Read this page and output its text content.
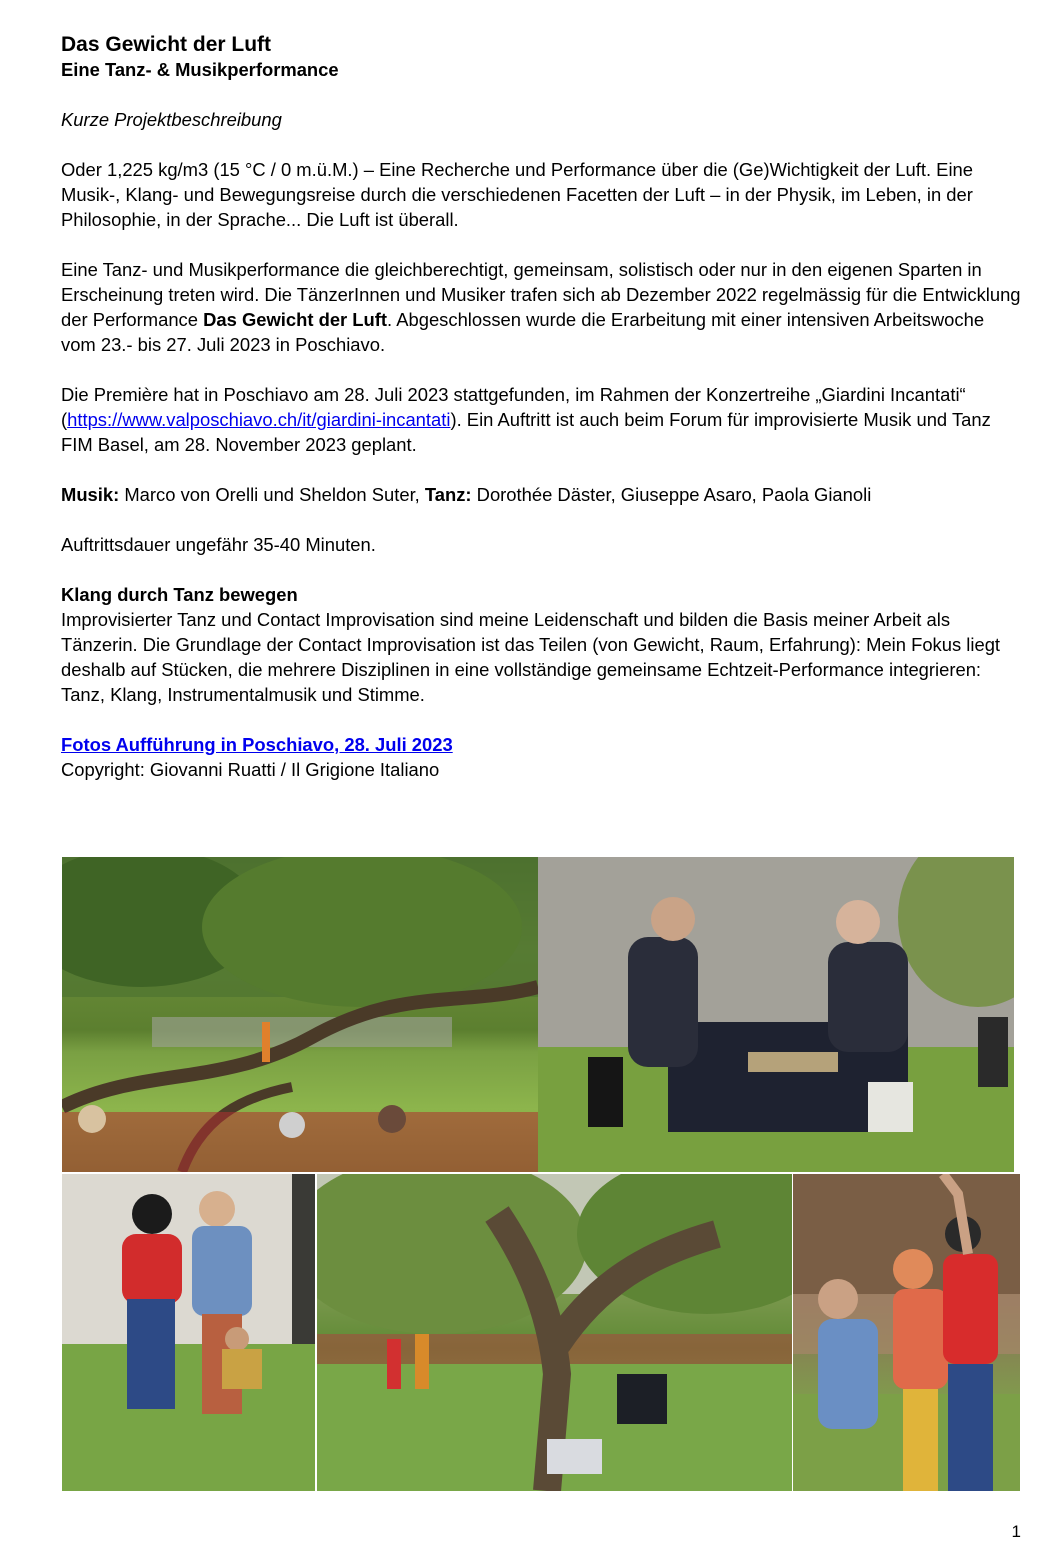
Das Gewicht der Luft
Eine Tanz- & Musikperformance

Kurze Projektbeschreibung

Oder 1,225 kg/m3 (15 °C / 0 m.ü.M.) – Eine Recherche und Performance über die (Ge)Wichtigkeit der Luft. Eine Musik-, Klang- und Bewegungsreise durch die verschiedenen Facetten der Luft – in der Physik, im Leben, in der Philosophie, in der Sprache... Die Luft ist überall.

Eine Tanz- und Musikperformance die gleichberechtigt, gemeinsam, solistisch oder nur in den eigenen Sparten in Erscheinung treten wird. Die TänzerInnen und Musiker trafen sich ab Dezember 2022 regelmässig für die Entwicklung der Performance Das Gewicht der Luft. Abgeschlossen wurde die Erarbeitung mit einer intensiven Arbeitswoche vom 23.- bis 27. Juli 2023 in Poschiavo.

Die Première hat in Poschiavo am 28. Juli 2023 stattgefunden, im Rahmen der Konzertreihe „Giardini Incantati“ (https://www.valposchiavo.ch/it/giardini-incantati). Ein Auftritt ist auch beim Forum für improvisierte Musik und Tanz FIM Basel, am 28. November 2023 geplant.

Musik: Marco von Orelli und Sheldon Suter, Tanz: Dorothée Däster, Giuseppe Asaro, Paola Gianoli

Auftrittsdauer ungefähr 35-40 Minuten.

Klang durch Tanz bewegen

Improvisierter Tanz und Contact Improvisation sind meine Leidenschaft und bilden die Basis meiner Arbeit als Tänzerin. Die Grundlage der Contact Improvisation ist das Teilen (von Gewicht, Raum, Erfahrung): Mein Fokus liegt deshalb auf Stücken, die mehrere Disziplinen in eine vollständige gemeinsame Echtzeit-Performance integrieren: Tanz, Klang, Instrumentalmusik und Stimme.

Fotos Aufführung in Poschiavo, 28. Juli 2023

Copyright: Giovanni Ruatti / Il Grigione Italiano

1
